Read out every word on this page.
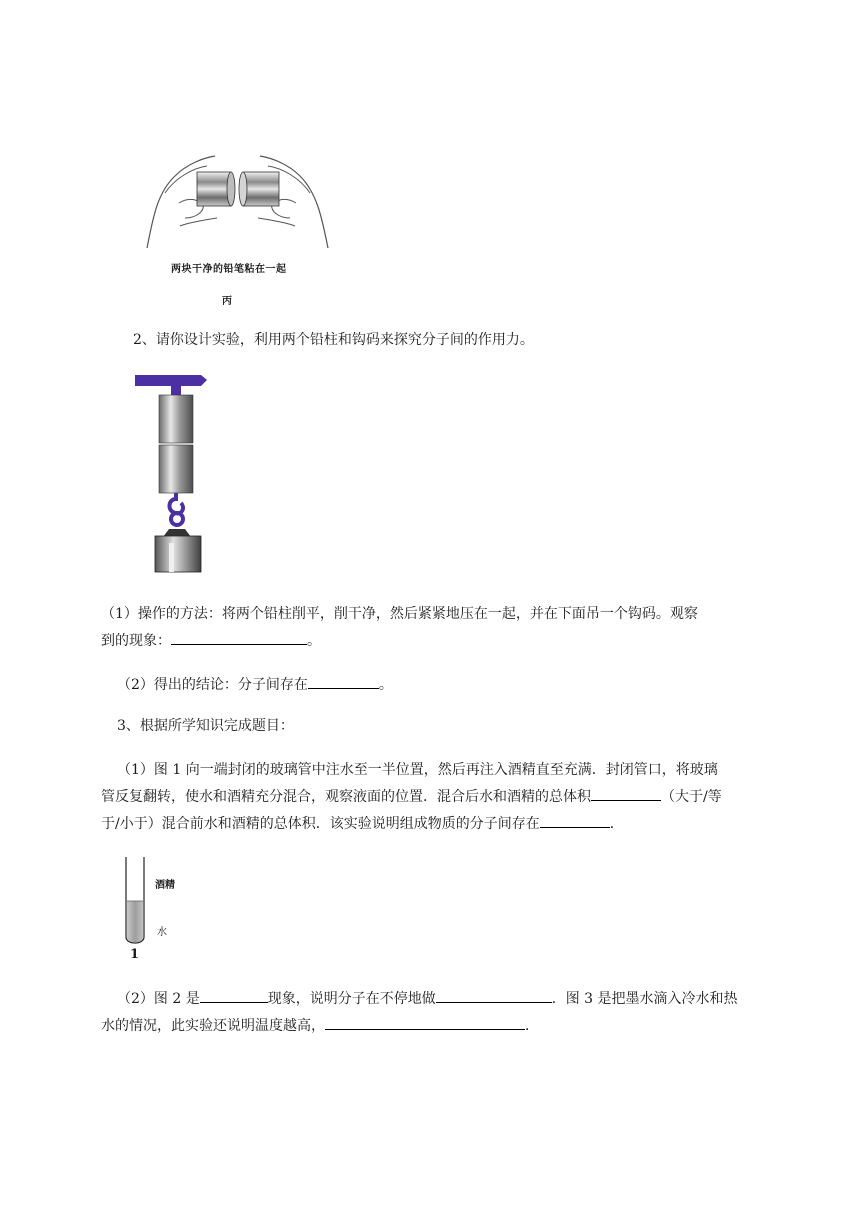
两块干净的铅笔粘在一起
丙

2、请你设计实验，利用两个铅柱和钩码来探究分子间的作用力。

（1）操作的方法：将两个铅柱削平，削干净，然后紧紧地压在一起，并在下面吊一个钩码。观察

到的现象：	。

（2）得出的结论：分子间存在	。

3、根据所学知识完成题目：

（1）图 1 向一端封闭的玻璃管中注水至一半位置，然后再注入酒精直至充满．封闭管口，将玻璃

管反复翻转，使水和酒精充分混合，观察液面的位置．混合后水和酒精的总体积	（大于/等

于/小于）混合前水和酒精的总体积．该实验说明组成物质的分子间存在	．

酒精
水
1

（2）图 2 是	现象，说明分子在不停地做	．图 3 是把墨水滴入冷水和热

水的情况，此实验还说明温度越高，	．
